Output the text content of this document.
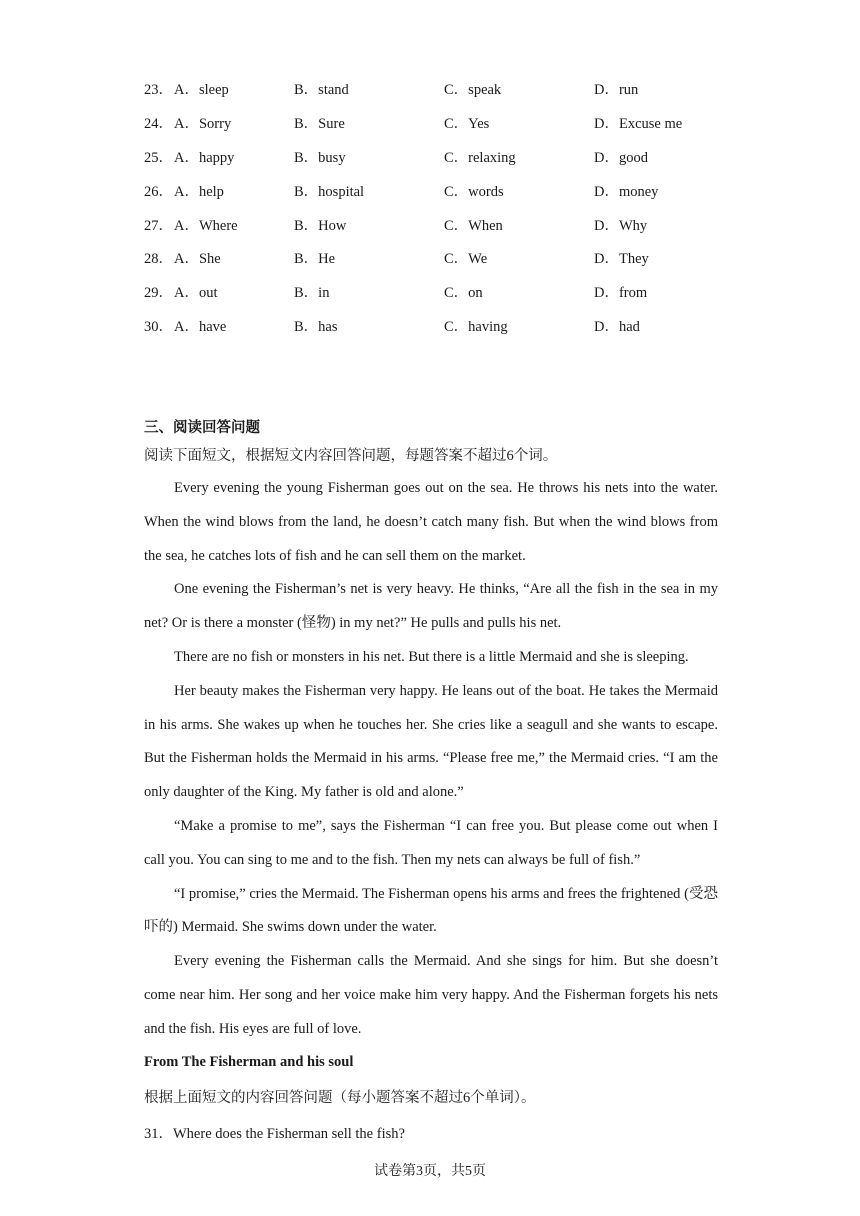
23． A．sleep	B．stand	C．speak	D．run
24． A．Sorry	B．Sure	C．Yes	D．Excuse me
25． A．happy	B．busy	C．relaxing	D．good
26． A．help	B．hospital	C．words	D．money
27． A．Where	B．How	C．When	D．Why
28． A．She	B．He	C．We	D．They
29． A．out	B．in	C．on	D．from
30． A．have	B．has	C．having	D．had
三、阅读回答问题
阅读下面短文，根据短文内容回答问题，每题答案不超过6个词。

Every evening the young Fisherman goes out on the sea. He throws his nets into the water. When the wind blows from the land, he doesn’t catch many fish. But when the wind blows from the sea, he catches lots of fish and he can sell them on the market.

One evening the Fisherman’s net is very heavy. He thinks, “Are all the fish in the sea in my net? Or is there a monster (怪物) in my net?” He pulls and pulls his net.

There are no fish or monsters in his net. But there is a little Mermaid and she is sleeping.

Her beauty makes the Fisherman very happy. He leans out of the boat. He takes the Mermaid in his arms. She wakes up when he touches her. She cries like a seagull and she wants to escape. But the Fisherman holds the Mermaid in his arms. “Please free me,” the Mermaid cries. “I am the only daughter of the King. My father is old and alone.”

“Make a promise to me”, says the Fisherman “I can free you. But please come out when I call you. You can sing to me and to the fish. Then my nets can always be full of fish.”

“I promise,” cries the Mermaid. The Fisherman opens his arms and frees the frightened (受恐吓的) Mermaid. She swims down under the water.

Every evening the Fisherman calls the Mermaid. And she sings for him. But she doesn’t come near him. Her song and her voice make him very happy. And the Fisherman forgets his nets and the fish. His eyes are full of love.

From The Fisherman and his soul
根据上面短文的内容回答问题（每小题答案不超过6个单词）。
31．Where does the Fisherman sell the fish?
试卷第3页，共5页
